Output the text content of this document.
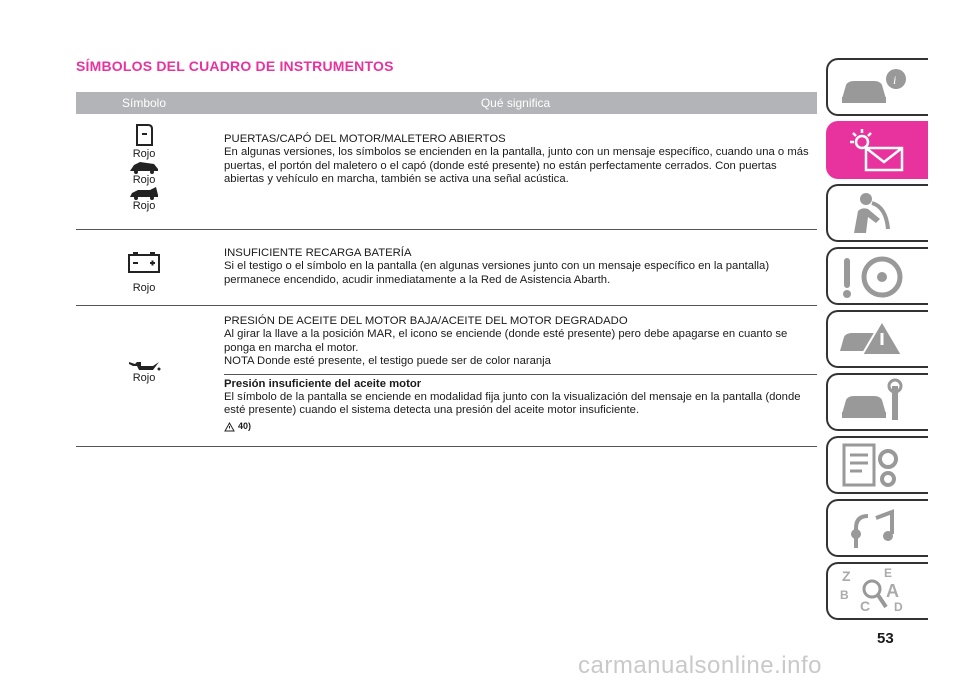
SÍMBOLOS DEL CUADRO DE INSTRUMENTOS
Símbolo	Qué significa
Rojo
Rojo
Rojo
PUERTAS/CAPÓ DEL MOTOR/MALETERO ABIERTOS
En algunas versiones, los símbolos se encienden en la pantalla, junto con un mensaje específico, cuando una o más puertas, el portón del maletero o el capó (donde esté presente) no están perfectamente cerrados. Con puertas abiertas y vehículo en marcha, también se activa una señal acústica.
Rojo
INSUFICIENTE RECARGA BATERÍA
Si el testigo o el símbolo en la pantalla (en algunas versiones junto con un mensaje específico en la pantalla) permanece encendido, acudir inmediatamente a la Red de Asistencia Abarth.
Rojo
PRESIÓN DE ACEITE DEL MOTOR BAJA/ACEITE DEL MOTOR DEGRADADO
Al girar la llave a la posición MAR, el icono se enciende (donde esté presente) pero debe apagarse en cuanto se ponga en marcha el motor.
NOTA Donde esté presente, el testigo puede ser de color naranja
Presión insuficiente del aceite motor
El símbolo de la pantalla se enciende en modalidad fija junto con la visualización del mensaje en la pantalla (donde esté presente) cuando el sistema detecta una presión del aceite motor insuficiente.
40)
i
Z	E
B A
C D
53
carmanualsonline.info
